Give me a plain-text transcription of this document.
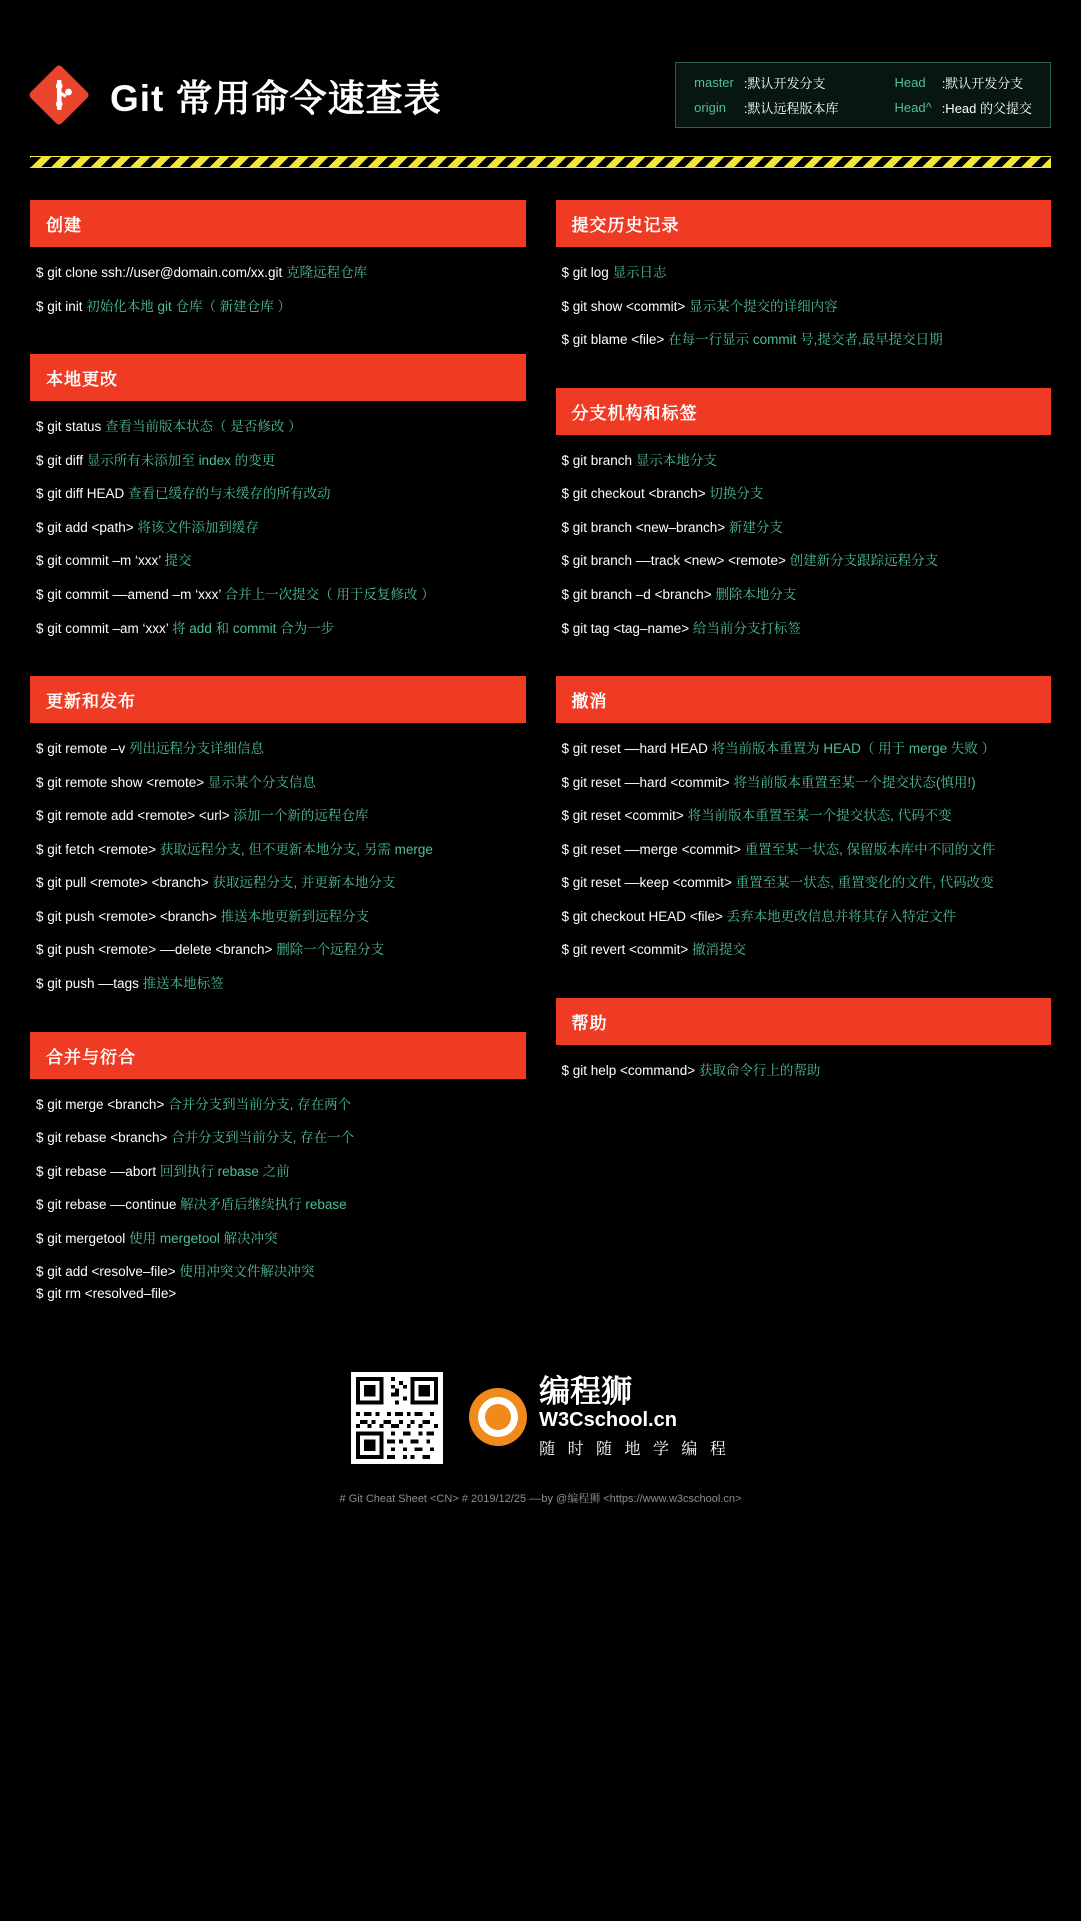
Git 常用命令速查表	master :默认开发分支	Head	:默认开发分支
origin	:默认远程版本库	Head^ :Head 的父提交
创建
$ git clone ssh://user@domain.com/xx.git 克隆远程仓库
$ git init 初始化本地 git 仓库（ 新建仓库 ）
本地更改
$ git status 查看当前版本状态（ 是否修改 ）
$ git diff 显示所有未添加至 index 的变更
$ git diff HEAD 查看已缓存的与未缓存的所有改动
$ git add <path> 将该文件添加到缓存
$ git commit –m ‘xxx’ 提交
$ git commit ––amend –m ‘xxx’ 合并上一次提交（ 用于反复修改 ）
$ git commit –am ‘xxx’ 将 add 和 commit 合为一步
更新和发布
$ git remote –v 列出远程分支详细信息
$ git remote show <remote> 显示某个分支信息
$ git remote add <remote> <url> 添加一个新的远程仓库
$ git fetch <remote> 获取远程分支, 但不更新本地分支, 另需 merge
$ git pull <remote> <branch> 获取远程分支, 并更新本地分支
$ git push <remote> <branch> 推送本地更新到远程分支
$ git push <remote> ––delete <branch> 删除一个远程分支
$ git push ––tags 推送本地标签
合并与衍合
$ git merge <branch> 合并分支到当前分支, 存在两个
$ git rebase <branch> 合并分支到当前分支, 存在一个
$ git rebase ––abort 回到执行 rebase 之前
$ git rebase ––continue 解决矛盾后继续执行 rebase
$ git mergetool 使用 mergetool 解决冲突
$ git add <resolve–file> 使用冲突文件解决冲突
$ git rm <resolved–file>
提交历史记录
$ git log 显示日志
$ git show <commit> 显示某个提交的详细内容
$ git blame <file> 在每一行显示 commit 号,提交者,最早提交日期
分支机构和标签
$ git branch 显示本地分支
$ git checkout <branch> 切换分支
$ git branch <new–branch> 新建分支
$ git branch ––track <new> <remote> 创建新分支跟踪远程分支
$ git branch –d <branch> 删除本地分支
$ git tag <tag–name> 给当前分支打标签
撤消
$ git reset ––hard HEAD 将当前版本重置为 HEAD（ 用于 merge 失败 ）
$ git reset ––hard <commit> 将当前版本重置至某一个提交状态(慎用!)
$ git reset <commit> 将当前版本重置至某一个提交状态, 代码不变
$ git reset ––merge <commit> 重置至某一状态, 保留版本库中不同的文件
$ git reset ––keep <commit> 重置至某一状态, 重置变化的文件, 代码改变
$ git checkout HEAD <file> 丢弃本地更改信息并将其存入特定文件
$ git revert <commit> 撤消提交
帮助
$ git help <command> 获取命令行上的帮助
编程狮
W3Cschool.cn
随 时 随 地 学 编 程
# Git Cheat Sheet <CN> # 2019/12/25 ––by @编程狮 <https://www.w3cschool.cn>
